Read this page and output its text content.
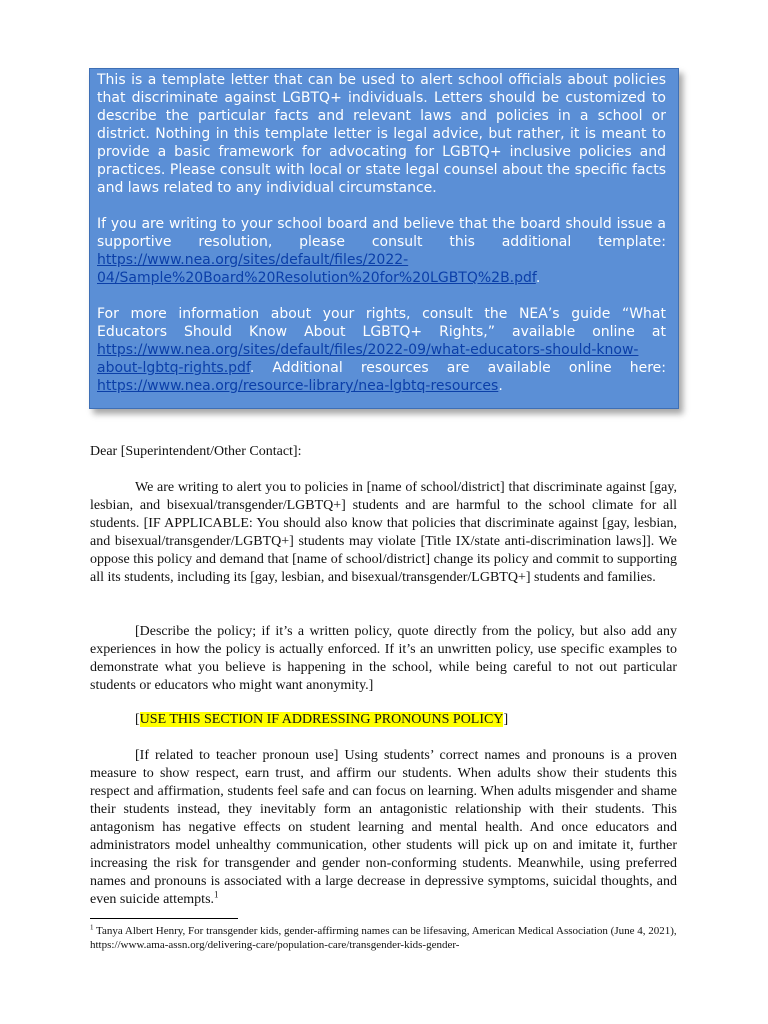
This is a template letter that can be used to alert school officials about policies that discriminate against LGBTQ+ individuals. Letters should be customized to describe the particular facts and relevant laws and policies in a school or district. Nothing in this template letter is legal advice, but rather, it is meant to provide a basic framework for advocating for LGBTQ+ inclusive policies and practices. Please consult with local or state legal counsel about the specific facts and laws related to any individual circumstance.

If you are writing to your school board and believe that the board should issue a supportive resolution, please consult this additional template: https://www.nea.org/sites/default/files/2022-04/Sample%20Board%20Resolution%20for%20LGBTQ%2B.pdf.

For more information about your rights, consult the NEA’s guide “What Educators Should Know About LGBTQ+ Rights,” available online at https://www.nea.org/sites/default/files/2022-09/what-educators-should-know-about-lgbtq-rights.pdf. Additional resources are available online here: https://www.nea.org/resource-library/nea-lgbtq-resources.

Dear [Superintendent/Other Contact]:
We are writing to alert you to policies in [name of school/district] that discriminate against [gay, lesbian, and bisexual/transgender/LGBTQ+] students and are harmful to the school climate for all students. [IF APPLICABLE: You should also know that policies that discriminate against [gay, lesbian, and bisexual/transgender/LGBTQ+] students may violate [Title IX/state anti-discrimination laws]]. We oppose this policy and demand that [name of school/district] change its policy and commit to supporting all its students, including its [gay, lesbian, and bisexual/transgender/LGBTQ+] students and families.
[Describe the policy; if it’s a written policy, quote directly from the policy, but also add any experiences in how the policy is actually enforced. If it’s an unwritten policy, use specific examples to demonstrate what you believe is happening in the school, while being careful to not out particular students or educators who might want anonymity.]
[USE THIS SECTION IF ADDRESSING PRONOUNS POLICY]
[If related to teacher pronoun use] Using students’ correct names and pronouns is a proven measure to show respect, earn trust, and affirm our students. When adults show their students this respect and affirmation, students feel safe and can focus on learning. When adults misgender and shame their students instead, they inevitably form an antagonistic relationship with their students. This antagonism has negative effects on student learning and mental health. And once educators and administrators model unhealthy communication, other students will pick up on and imitate it, further increasing the risk for transgender and gender non-conforming students. Meanwhile, using preferred names and pronouns is associated with a large decrease in depressive symptoms, suicidal thoughts, and even suicide attempts.$^1$
$^1$ Tanya Albert Henry, For transgender kids, gender-affirming names can be lifesaving, American Medical Association (June 4, 2021), https://www.ama-assn.org/delivering-care/population-care/transgender-kids-gender-
